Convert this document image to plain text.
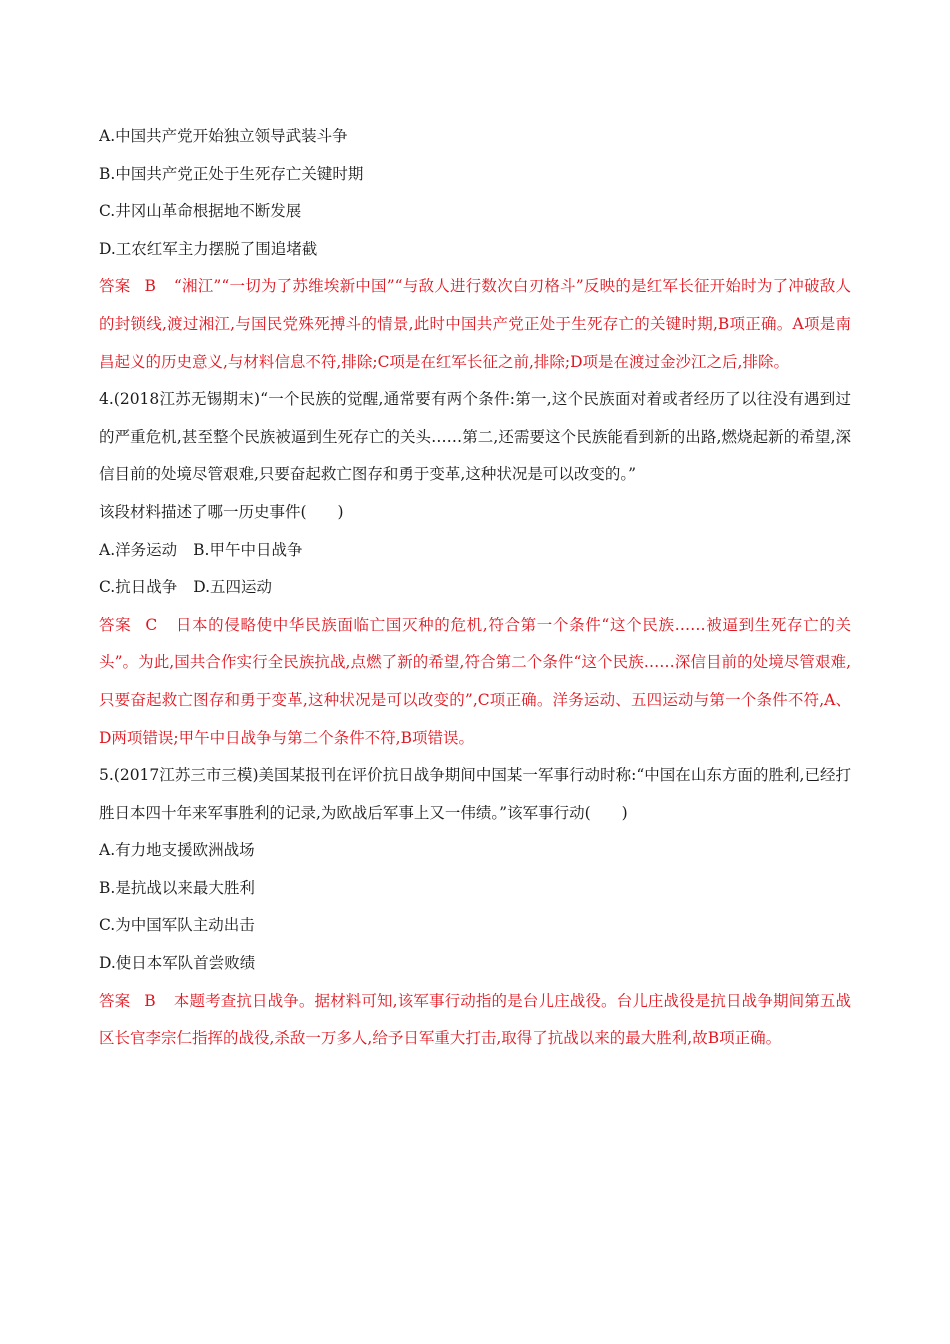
A.中国共产党开始独立领导武装斗争
B.中国共产党正处于生死存亡关键时期
C.井冈山革命根据地不断发展
D.工农红军主力摆脱了围追堵截
答案 B “湘江”“一切为了苏维埃新中国”“与敌人进行数次白刃格斗”反映的是红军长征开始时为了冲破敌人的封锁线,渡过湘江,与国民党殊死搏斗的情景,此时中国共产党正处于生死存亡的关键时期,B项正确。A项是南昌起义的历史意义,与材料信息不符,排除;C项是在红军长征之前,排除;D项是在渡过金沙江之后,排除。
4.(2018江苏无锡期末)“一个民族的觉醒,通常要有两个条件:第一,这个民族面对着或者经历了以往没有遇到过的严重危机,甚至整个民族被逼到生死存亡的关头……第二,还需要这个民族能看到新的出路,燃烧起新的希望,深信目前的处境尽管艰难,只要奋起救亡图存和勇于变革,这种状况是可以改变的。”
该段材料描述了哪一历史事件(　　)
A.洋务运动 B.甲午中日战争
C.抗日战争 D.五四运动
答案 C 日本的侵略使中华民族面临亡国灭种的危机,符合第一个条件“这个民族……被逼到生死存亡的关头”。为此,国共合作实行全民族抗战,点燃了新的希望,符合第二个条件“这个民族……深信目前的处境尽管艰难,只要奋起救亡图存和勇于变革,这种状况是可以改变的”,C项正确。洋务运动、五四运动与第一个条件不符,A、D两项错误;甲午中日战争与第二个条件不符,B项错误。
5.(2017江苏三市三模)美国某报刊在评价抗日战争期间中国某一军事行动时称:“中国在山东方面的胜利,已经打胜日本四十年来军事胜利的记录,为欧战后军事上又一伟绩。”该军事行动(　　)
A.有力地支援欧洲战场
B.是抗战以来最大胜利
C.为中国军队主动出击
D.使日本军队首尝败绩
答案 B 本题考查抗日战争。据材料可知,该军事行动指的是台儿庄战役。台儿庄战役是抗日战争期间第五战区长官李宗仁指挥的战役,杀敌一万多人,给予日军重大打击,取得了抗战以来的最大胜利,故B项正确。
